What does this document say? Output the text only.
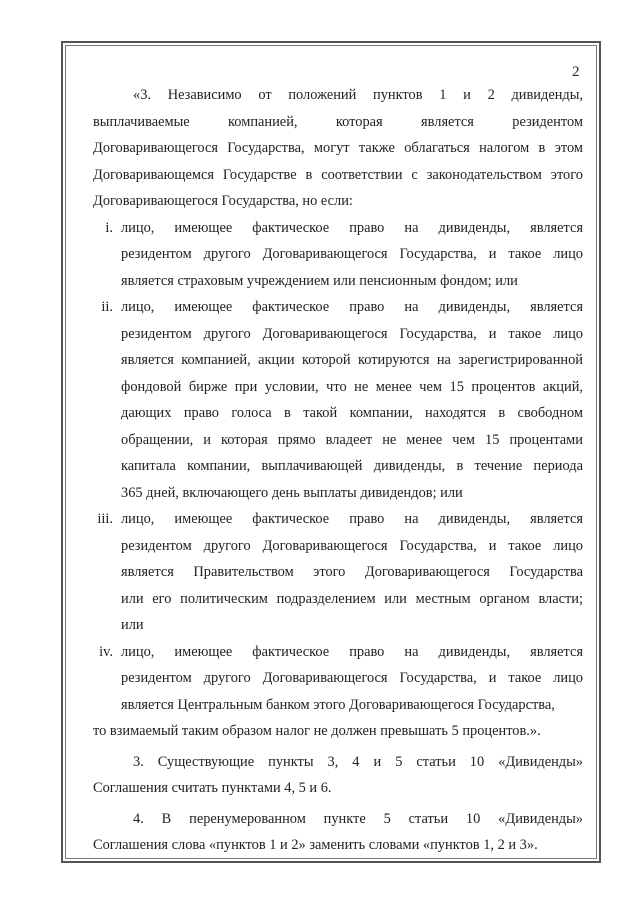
2

«3. Независимо от положений пунктов 1 и 2 дивиденды,

выплачиваемые компанией, которая является резидентом

Договаривающегося Государства, могут также облагаться налогом в этом

Договаривающемся Государстве в соответствии с законодательством этого

Договаривающегося Государства, но если:

i. лицо, имеющее фактическое право на дивиденды, является

резидентом другого Договаривающегося Государства, и такое лицо

является страховым учреждением или пенсионным фондом; или

ii. лицо, имеющее фактическое право на дивиденды, является

резидентом другого Договаривающегося Государства, и такое лицо

является компанией, акции которой котируются на зарегистрированной

фондовой бирже при условии, что не менее чем 15 процентов акций,

дающих право голоса в такой компании, находятся в свободном

обращении, и которая прямо владеет не менее чем 15 процентами

капитала компании, выплачивающей дивиденды, в течение периода

365 дней, включающего день выплаты дивидендов; или

iii. лицо, имеющее фактическое право на дивиденды, является

резидентом другого Договаривающегося Государства, и такое лицо

является Правительством этого Договаривающегося Государства

или его политическим подразделением или местным органом власти;

или

iv. лицо, имеющее фактическое право на дивиденды, является

резидентом другого Договаривающегося Государства, и такое лицо

является Центральным банком этого Договаривающегося Государства,

то взимаемый таким образом налог не должен превышать 5 процентов.».

3. Существующие пункты 3, 4 и 5 статьи 10 «Дивиденды»

Соглашения считать пунктами 4, 5 и 6.

4. В перенумерованном пункте 5 статьи 10 «Дивиденды»

Соглашения слова «пунктов 1 и 2» заменить словами «пунктов 1, 2 и 3».
